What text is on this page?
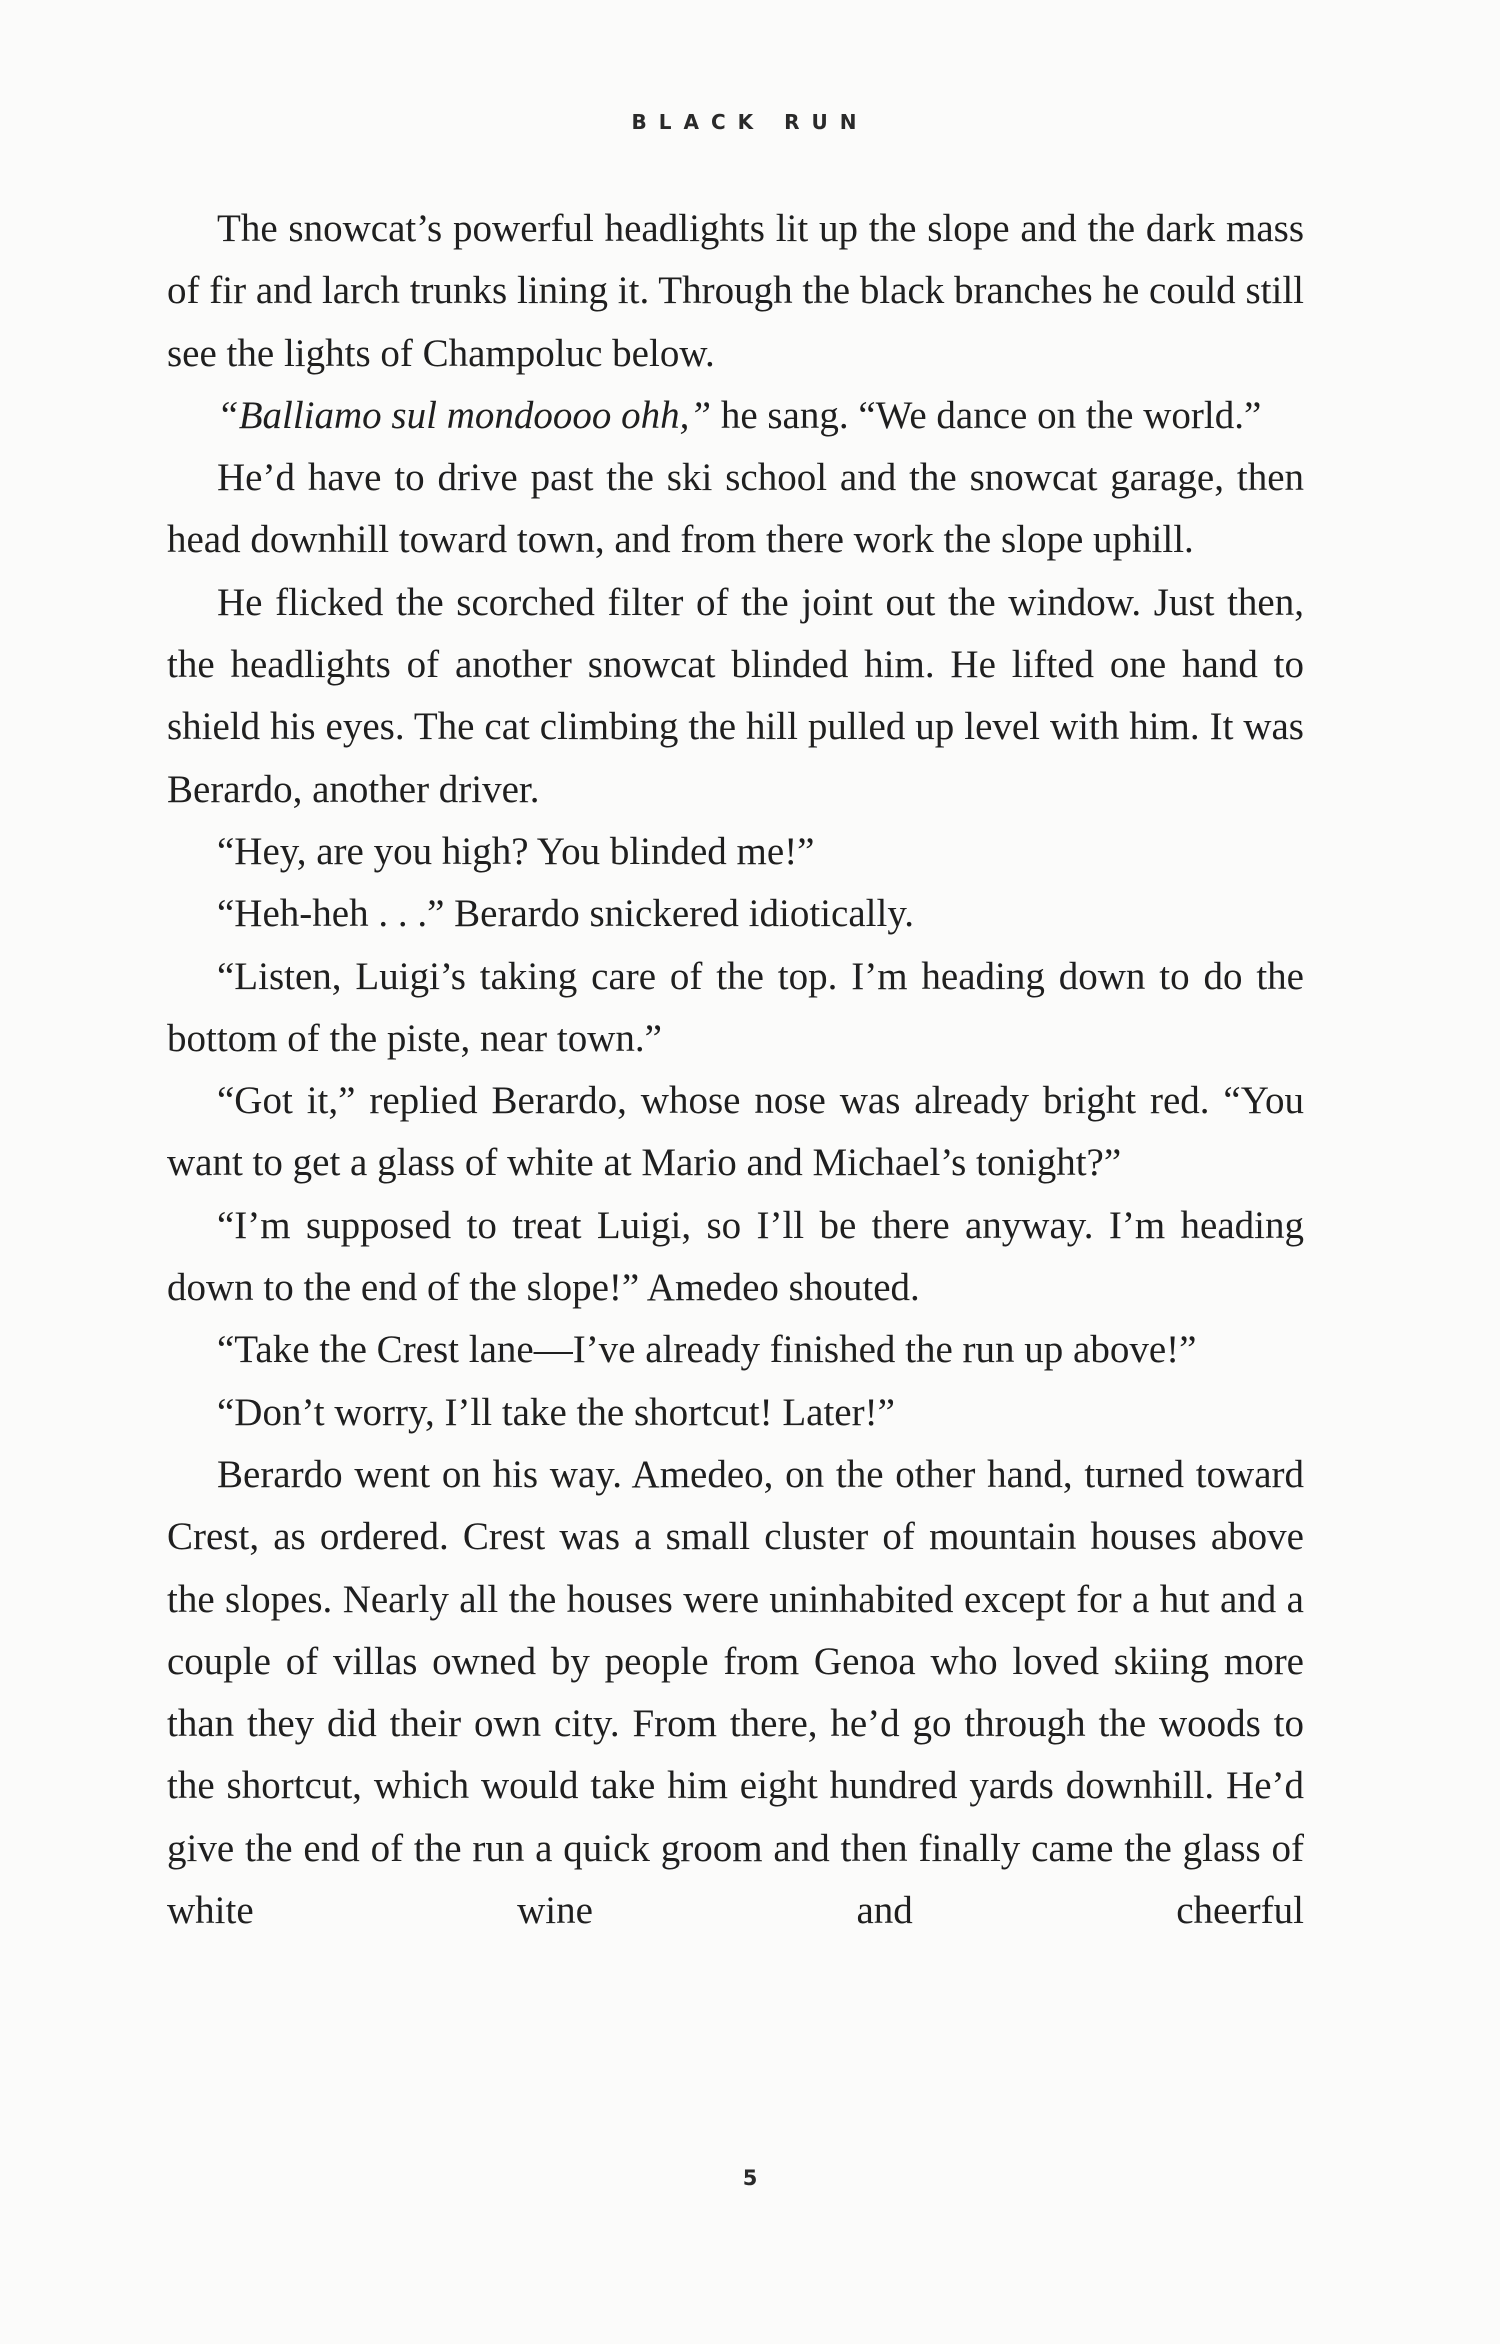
BLACK RUN

The snowcat’s powerful headlights lit up the slope and the dark mass of fir and larch trunks lining it. Through the black branches he could still see the lights of Champoluc below.

“Balliamo sul mondoooo ohh,” he sang. “We dance on the world.”

He’d have to drive past the ski school and the snowcat garage, then head downhill toward town, and from there work the slope uphill.

He flicked the scorched filter of the joint out the window. Just then, the headlights of another snowcat blinded him. He lifted one hand to shield his eyes. The cat climbing the hill pulled up level with him. It was Berardo, another driver.

“Hey, are you high? You blinded me!”

“Heh-heh . . .” Berardo snickered idiotically.

“Listen, Luigi’s taking care of the top. I’m heading down to do the bottom of the piste, near town.”

“Got it,” replied Berardo, whose nose was already bright red. “You want to get a glass of white at Mario and Michael’s tonight?”

“I’m supposed to treat Luigi, so I’ll be there anyway. I’m heading down to the end of the slope!” Amedeo shouted.

“Take the Crest lane—I’ve already finished the run up above!”

“Don’t worry, I’ll take the shortcut! Later!”

Berardo went on his way. Amedeo, on the other hand, turned toward Crest, as ordered. Crest was a small cluster of mountain houses above the slopes. Nearly all the houses were uninhabited except for a hut and a couple of villas owned by people from Genoa who loved skiing more than they did their own city. From there, he’d go through the woods to the shortcut, which would take him eight hundred yards downhill. He’d give the end of the run a quick groom and then finally came the glass of white wine and cheerful

5
